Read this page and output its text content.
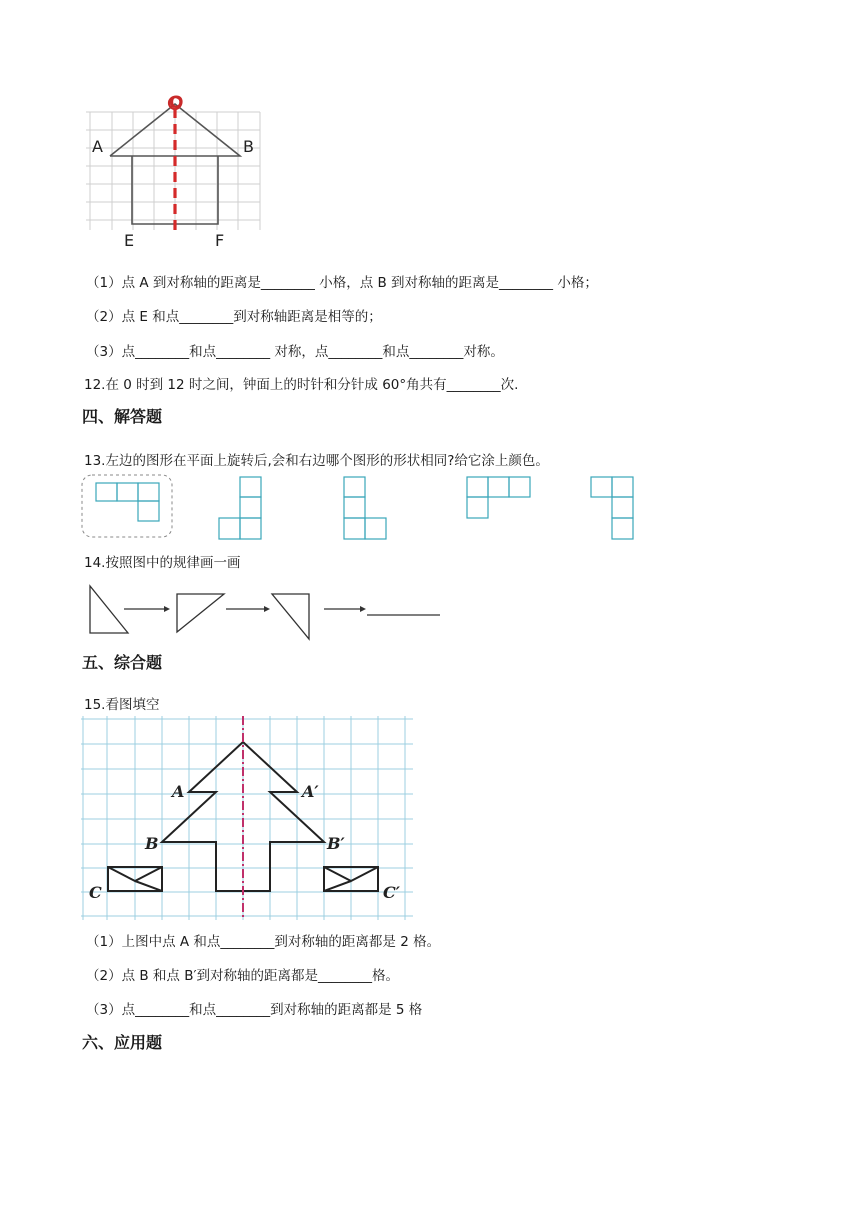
O
A	B
E	F
（1）点 A 到对称轴的距离是________ 小格，点 B 到对称轴的距离是________ 小格；
（2）点 E 和点________到对称轴距离是相等的；
（3）点________和点________ 对称，点________和点________对称。
12.在 0 时到 12 时之间，钟面上的时针和分针成 60°角共有________次.
四、解答题
13.左边的图形在平面上旋转后,会和右边哪个图形的形状相同?给它涂上颜色。
14.按照图中的规律画一画
五、综合题
15.看图填空
A	A′
B	B′
C	C′
（1）上图中点 A 和点________到对称轴的距离都是 2 格。
（2）点 B 和点 B′到对称轴的距离都是________格。
（3）点________和点________到对称轴的距离都是 5 格
六、应用题
